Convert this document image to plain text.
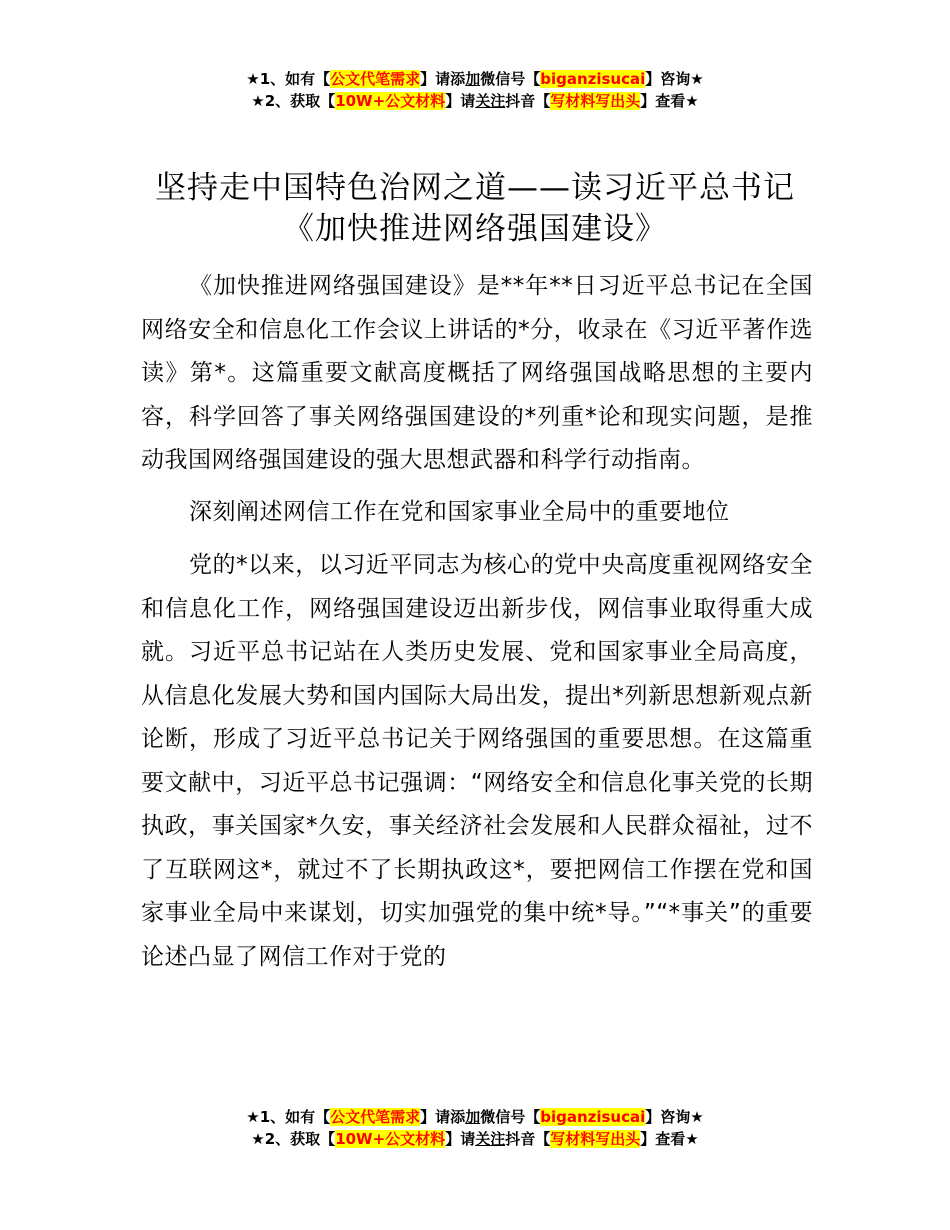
★1、如有【公文代笔需求】请添加微信号【biganzisucai】咨询★
★2、获取【10W+公文材料】请关注抖音【写材料写出头】查看★
坚持走中国特色治网之道——读习近平总书记
《加快推进网络强国建设》

《加快推进网络强国建设》是**年**日习近平总书记在全国网络安全和信息化工作会议上讲话的*分，收录在《习近平著作选读》第*。这篇重要文献高度概括了网络强国战略思想的主要内容，科学回答了事关网络强国建设的*列重*论和现实问题，是推动我国网络强国建设的强大思想武器和科学行动指南。

深刻阐述网信工作在党和国家事业全局中的重要地位

党的*以来，以习近平同志为核心的党中央高度重视网络安全和信息化工作，网络强国建设迈出新步伐，网信事业取得重大成就。习近平总书记站在人类历史发展、党和国家事业全局高度，从信息化发展大势和国内国际大局出发，提出*列新思想新观点新论断，形成了习近平总书记关于网络强国的重要思想。在这篇重要文献中，习近平总书记强调：“网络安全和信息化事关党的长期执政，事关国家*久安，事关经济社会发展和人民群众福祉，过不了互联网这*，就过不了长期执政这*，要把网信工作摆在党和国家事业全局中来谋划，切实加强党的集中统*导。”“*事关”的重要论述凸显了网信工作对于党的

★1、如有【公文代笔需求】请添加微信号【biganzisucai】咨询★
★2、获取【10W+公文材料】请关注抖音【写材料写出头】查看★
